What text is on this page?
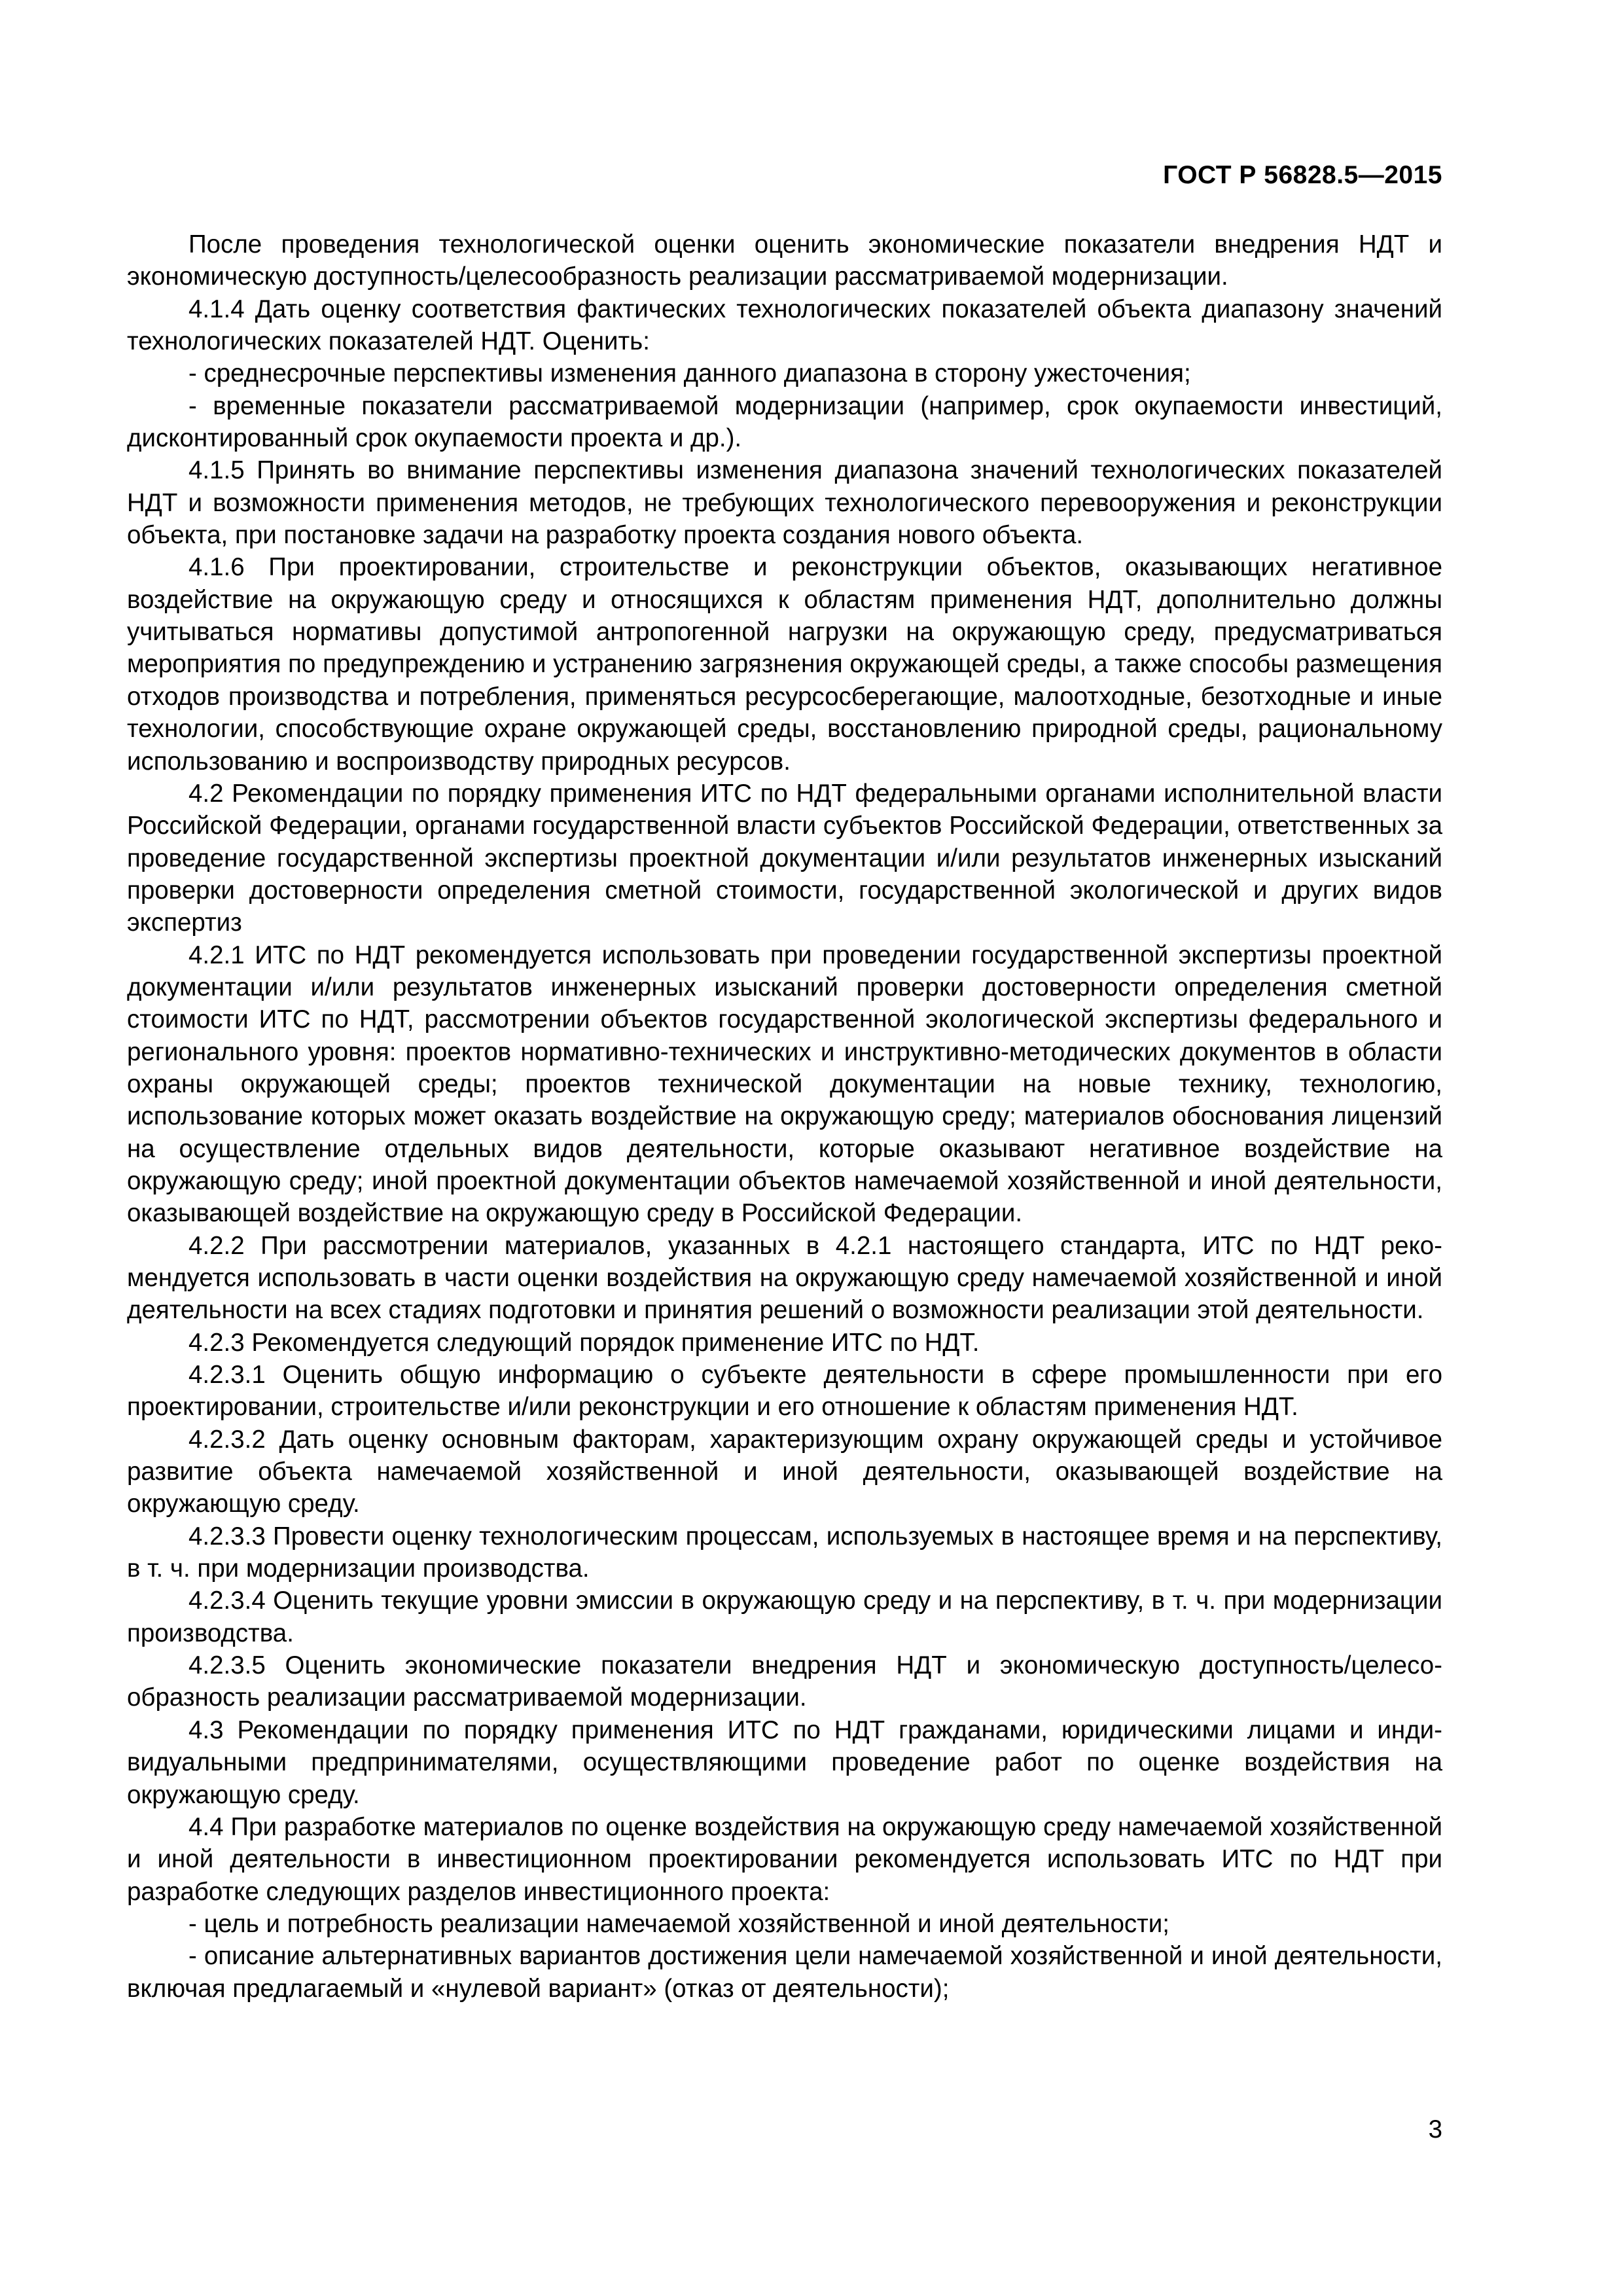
ГОСТ Р 56828.5—2015

После проведения технологической оценки оценить экономические показатели внедрения НДТ и экономическую доступность/целесообразность реализации рассматриваемой модернизации.

4.1.4 Дать оценку соответствия фактических технологических показателей объекта диапазону значений технологических показателей НДТ. Оценить:

- среднесрочные перспективы изменения данного диапазона в сторону ужесточения;

- временные показатели рассматриваемой модернизации (например, срок окупаемости инвестиций, дисконтированный срок окупаемости проекта и др.).

4.1.5 Принять во внимание перспективы изменения диапазона значений технологических показателей НДТ и возможности применения методов, не требующих технологического перевооружения и реконструкции объекта, при постановке задачи на разработку проекта создания нового объекта.

4.1.6 При проектировании, строительстве и реконструкции объектов, оказывающих негативное воздействие на окружающую среду и относящихся к областям применения НДТ, дополнительно должны учитываться нормативы допустимой антропогенной нагрузки на окружающую среду, предусматриваться мероприятия по предупреждению и устранению загрязнения окружающей среды, а также способы размещения отходов производства и потребления, применяться ресурсосберегающие, малоотходные, безотходные и иные технологии, способствующие охране окружающей среды, восстановлению природной среды, рациональному использованию и воспроизводству природных ресурсов.

4.2 Рекомендации по порядку применения ИТС по НДТ федеральными органами исполнительной власти Российской Федерации, органами государственной власти субъектов Российской Федерации, ответственных за проведение государственной экспертизы проектной документации и/или результатов инженерных изысканий проверки достоверности определения сметной стоимости, государственной экологической и других видов экспертиз

4.2.1 ИТС по НДТ рекомендуется использовать при проведении государственной экспертизы проектной документации и/или результатов инженерных изысканий проверки достоверности определения сметной стоимости ИТС по НДТ, рассмотрении объектов государственной экологической экспертизы федерального и регионального уровня: проектов нормативно-технических и инструктивно-методических документов в области охраны окружающей среды; проектов технической документации на новые технику, технологию, использование которых может оказать воздействие на окружающую среду; материалов обоснования лицензий на осуществление отдельных видов деятельности, которые оказывают негативное воздействие на окружающую среду; иной проектной документации объектов намечаемой хозяйственной и иной деятельности, оказывающей воздействие на окружающую среду в Российской Федерации.

4.2.2 При рассмотрении материалов, указанных в 4.2.1 настоящего стандарта, ИТС по НДТ рекомендуется использовать в части оценки воздействия на окружающую среду намечаемой хозяйственной и иной деятельности на всех стадиях подготовки и принятия решений о возможности реализации этой деятельности.

4.2.3 Рекомендуется следующий порядок применение ИТС по НДТ.

4.2.3.1 Оценить общую информацию о субъекте деятельности в сфере промышленности при его проектировании, строительстве и/или реконструкции и его отношение к областям применения НДТ.

4.2.3.2 Дать оценку основным факторам, характеризующим охрану окружающей среды и устойчивое развитие объекта намечаемой хозяйственной и иной деятельности, оказывающей воздействие на окружающую среду.

4.2.3.3 Провести оценку технологическим процессам, используемых в настоящее время и на перспективу, в т. ч. при модернизации производства.

4.2.3.4 Оценить текущие уровни эмиссии в окружающую среду и на перспективу, в т. ч. при модернизации производства.

4.2.3.5 Оценить экономические показатели внедрения НДТ и экономическую доступность/целесообразность реализации рассматриваемой модернизации.

4.3 Рекомендации по порядку применения ИТС по НДТ гражданами, юридическими лицами и индивидуальными предпринимателями, осуществляющими проведение работ по оценке воздействия на окружающую среду.

4.4 При разработке материалов по оценке воздействия на окружающую среду намечаемой хозяйственной и иной деятельности в инвестиционном проектировании рекомендуется использовать ИТС по НДТ при разработке следующих разделов инвестиционного проекта:

- цель и потребность реализации намечаемой хозяйственной и иной деятельности;

- описание альтернативных вариантов достижения цели намечаемой хозяйственной и иной деятельности, включая предлагаемый и «нулевой вариант» (отказ от деятельности);

3
